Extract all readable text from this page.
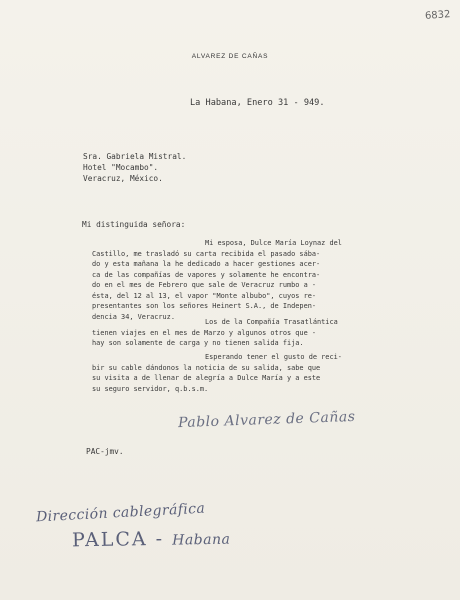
6832
ALVAREZ DE CAÑAS
La Habana, Enero 31 - 949.
Sra. Gabriela Mistral.
Hotel "Mocambo".
Veracruz, México.
Mi distinguida señora:
Mi esposa, Dulce María Loynaz del
Castillo, me trasladó su carta recibida el pasado sába-
do y esta mañana la he dedicado a hacer gestiones acer-
ca de las compañías de vapores y solamente he encontra-
do en el mes de Febrero que sale de Veracruz rumbo a -
ésta, del 12 al 13, el vapor "Monte albubo", cuyos re-
presentantes son los señores Heinert S.A., de Indepen-
dencia 34, Veracruz.
Los de la Compañía Trasatlántica
tienen viajes en el mes de Marzo y algunos otros que -
hay son solamente de carga y no tienen salida fija.
Esperando tener el gusto de reci-
bir su cable dándonos la noticia de su salida, sabe que
su visita a de llenar de alegría a Dulce María y a este
su seguro servidor, q.b.s.m.
Pablo Alvarez de Cañas
PAC-jmv.
Dirección cablegráfica
PALCA - Habana
